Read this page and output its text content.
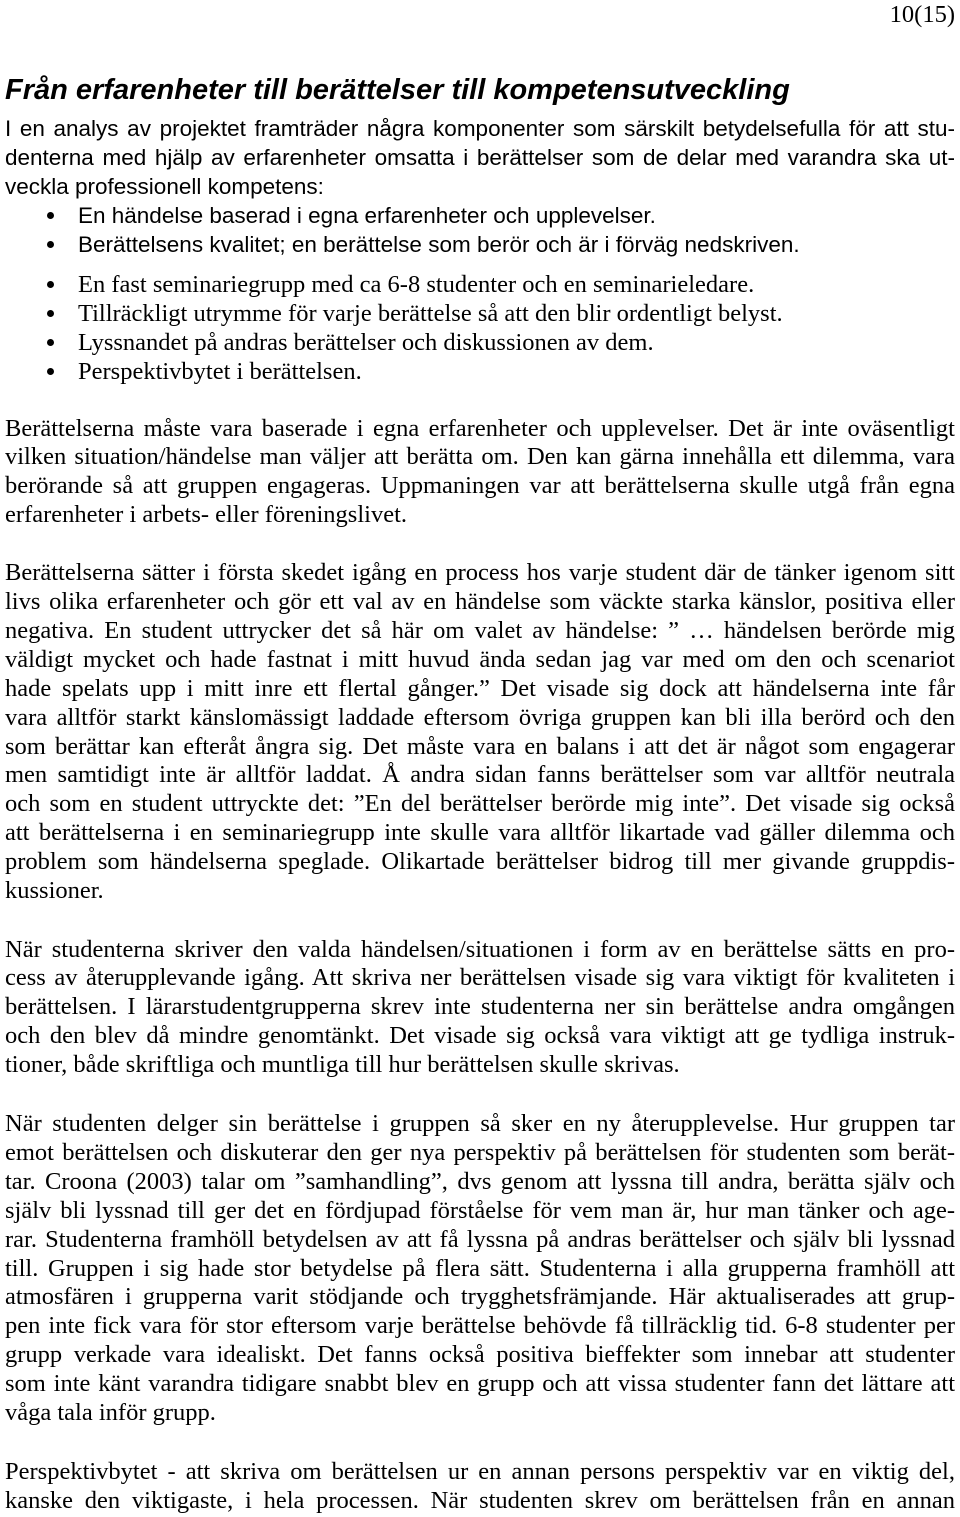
10(15)
Från erfarenheter till berättelser till kompetensutveckling
I en analys av projektet framträder några komponenter som särskilt betydelsefulla för att stu-
denterna med hjälp av erfarenheter omsatta i berättelser som de delar med varandra ska ut-
veckla professionell kompetens:
En händelse baserad i egna erfarenheter och upplevelser.
Berättelsens kvalitet; en berättelse som berör och är i förväg nedskriven.
En fast seminariegrupp med ca 6-8 studenter och en seminarieledare.
Tillräckligt utrymme för varje berättelse så att den blir ordentligt belyst.
Lyssnandet på andras berättelser och diskussionen av dem.
Perspektivbytet i berättelsen.
Berättelserna måste vara baserade i egna erfarenheter och upplevelser. Det är inte oväsentligt
vilken situation/händelse man väljer att berätta om. Den kan gärna innehålla ett dilemma, vara
berörande så att gruppen engageras. Uppmaningen var att berättelserna skulle utgå från egna
erfarenheter i arbets- eller föreningslivet.
Berättelserna sätter i första skedet igång en process hos varje student där de tänker igenom sitt
livs olika erfarenheter och gör ett val av en händelse som väckte starka känslor, positiva eller
negativa. En student uttrycker det så här om valet av händelse: ” … händelsen berörde mig
väldigt mycket och hade fastnat i mitt huvud ända sedan jag var med om den och scenariot
hade spelats upp i mitt inre ett flertal gånger.” Det visade sig dock att händelserna inte får
vara alltför starkt känslomässigt laddade eftersom övriga gruppen kan bli illa berörd och den
som berättar kan efteråt ångra sig. Det måste vara en balans i att det är något som engagerar
men samtidigt inte är alltför laddat. Å andra sidan fanns berättelser som var alltför neutrala
och som en student uttryckte det: ”En del berättelser berörde mig inte”. Det visade sig också
att berättelserna i en seminariegrupp inte skulle vara alltför likartade vad gäller dilemma och
problem som händelserna speglade. Olikartade berättelser bidrog till mer givande gruppdis-
kussioner.
När studenterna skriver den valda händelsen/situationen i form av en berättelse sätts en pro-
cess av återupplevande igång. Att skriva ner berättelsen visade sig vara viktigt för kvaliteten i
berättelsen. I lärarstudentgrupperna skrev inte studenterna ner sin berättelse andra omgången
och den blev då mindre genomtänkt. Det visade sig också vara viktigt att ge tydliga instruk-
tioner, både skriftliga och muntliga till hur berättelsen skulle skrivas.
När studenten delger sin berättelse i gruppen så sker en ny återupplevelse. Hur gruppen tar
emot berättelsen och diskuterar den ger nya perspektiv på berättelsen för studenten som berät-
tar. Croona (2003) talar om ”samhandling”, dvs genom att lyssna till andra, berätta själv och
själv bli lyssnad till ger det en fördjupad förståelse för vem man är, hur man tänker och age-
rar. Studenterna framhöll betydelsen av att få lyssna på andras berättelser och själv bli lyssnad
till. Gruppen i sig hade stor betydelse på flera sätt. Studenterna i alla grupperna framhöll att
atmosfären i grupperna varit stödjande och trygghetsfrämjande. Här aktualiserades att grup-
pen inte fick vara för stor eftersom varje berättelse behövde få tillräcklig tid. 6-8 studenter per
grupp verkade vara idealiskt. Det fanns också positiva bieffekter som innebar att studenter
som inte känt varandra tidigare snabbt blev en grupp och att vissa studenter fann det lättare att
våga tala inför grupp.
Perspektivbytet - att skriva om berättelsen ur en annan persons perspektiv var en viktig del,
kanske den viktigaste, i hela processen. När studenten skrev om berättelsen från en annan
